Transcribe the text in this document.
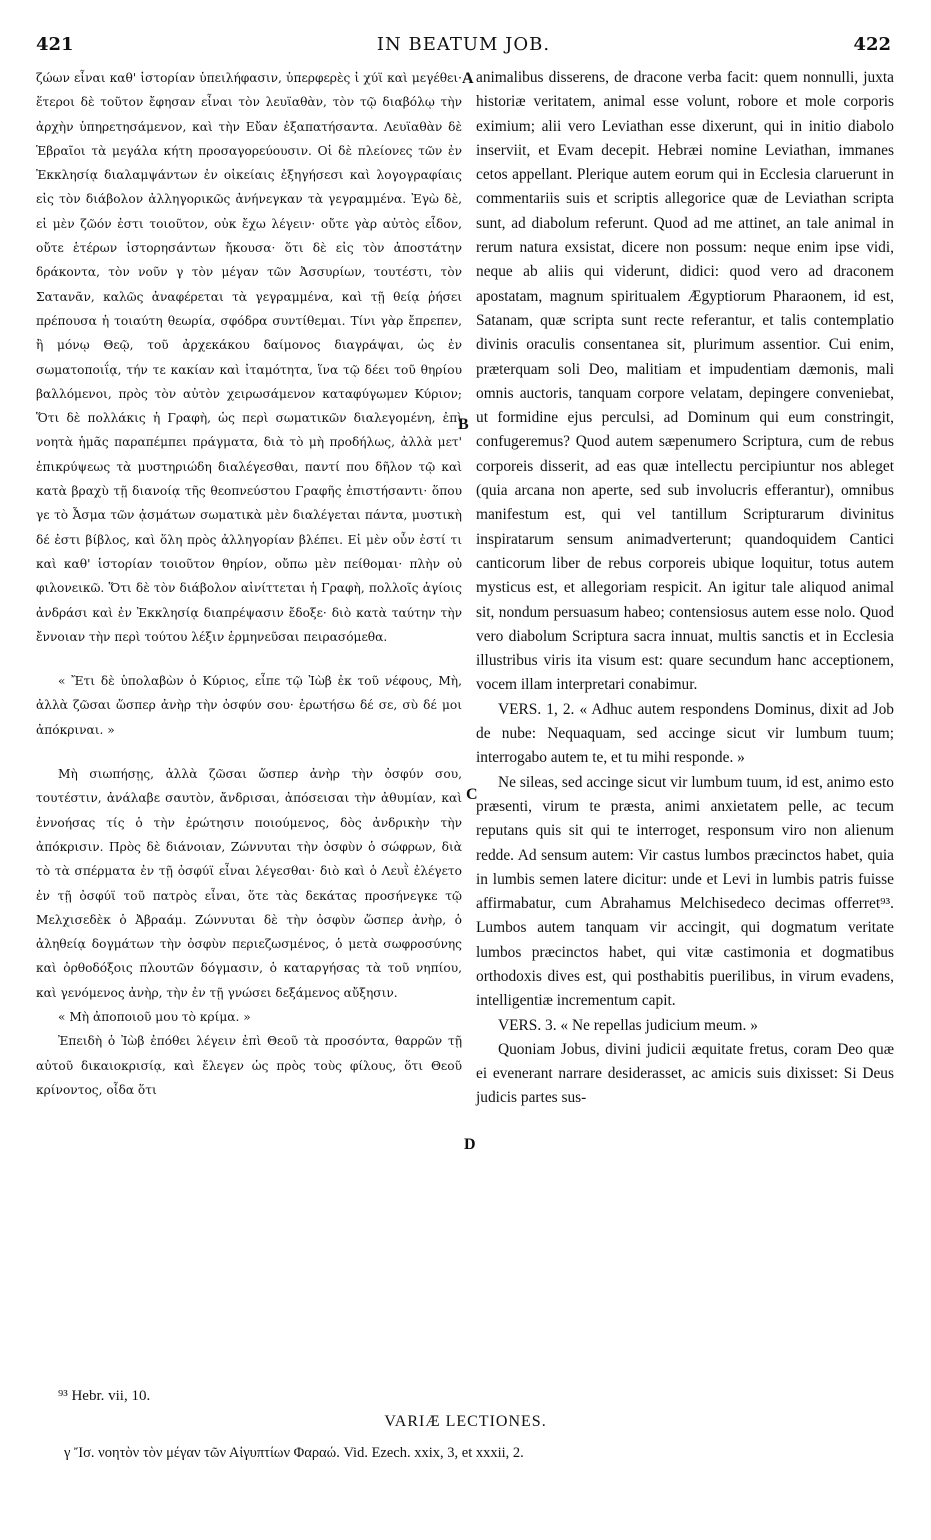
421	IN BEATUM JOB.	422

ζώων εἶναι καθ' ἱστορίαν ὑπειλήφασιν, ὑπερφερὲς ἰ χύϊ καὶ μεγέθει· ἕτεροι δὲ τοῦτον ἔφησαν εἶναι τὸν λευϊαθὰν, τὸν τῷ διαβόλῳ τὴν ἀρχὴν ὑπηρετησάμενον, καὶ τὴν Εὔαν ἐξαπατήσαντα. Λευϊαθὰν δὲ Ἑβραῖοι τὰ μεγάλα κήτη προσαγορεύουσιν. Οἱ δὲ πλείονες τῶν ἐν Ἐκκλησίᾳ διαλαμψάντων ἐν οἰκείαις ἐξηγήσεσι καὶ λογογραφίαις εἰς τὸν διάβολον ἀλληγορικῶς ἀνήνεγκαν τὰ γεγραμμένα. Ἐγὼ δὲ, εἰ μὲν ζῶόν ἐστι τοιοῦτον, οὐκ ἔχω λέγειν· οὔτε γὰρ αὐτὸς εἶδον, οὔτε ἑτέρων ἱστορησάντων ἤκουσα· ὅτι δὲ εἰς τὸν ἀποστάτην δράκοντα, τὸν νοῦν γ τὸν μέγαν τῶν Ἀσσυρίων, τουτέστι, τὸν Σατανᾶν, καλῶς ἀναφέρεται τὰ γεγραμμένα, καὶ τῇ θείᾳ ῥήσει πρέπουσα ἡ τοιαύτη θεωρία, σφόδρα συντίθεμαι. Τίνι γὰρ ἔπρεπεν, ἢ μόνῳ Θεῷ, τοῦ ἀρχεκάκου δαίμονος διαγράψαι, ὡς ἐν σωματοποιΐᾳ, τήν τε κακίαν καὶ ἰταμότητα, ἵνα τῷ δέει τοῦ θηρίου βαλλόμενοι, πρὸς τὸν αὐτὸν χειρωσάμενον καταφύγωμεν Κύριον; Ὅτι δὲ πολλάκις ἡ Γραφὴ, ὡς περὶ σωματικῶν διαλεγομένη, ἐπὶ νοητὰ ἡμᾶς παραπέμπει πράγματα, διὰ τὸ μὴ προδήλως, ἀλλὰ μετ' ἐπικρύψεως τὰ μυστηριώδη διαλέγεσθαι, παντί που δῆλον τῷ καὶ κατὰ βραχὺ τῇ διανοίᾳ τῆς θεοπνεύστου Γραφῆς ἐπιστήσαντι· ὅπου γε τὸ Ἆσμα τῶν ᾀσμάτων σωματικὰ μὲν διαλέγεται πάντα, μυστικὴ δέ ἐστι βίβλος, καὶ ὅλη πρὸς ἀλληγορίαν βλέπει. Εἰ μὲν οὖν ἐστί τι καὶ καθ' ἱστορίαν τοιοῦτον θηρίον, οὔπω μὲν πείθομαι· πλὴν οὐ φιλονεικῶ. Ὅτι δὲ τὸν διάβολον αἰνίττεται ἡ Γραφὴ, πολλοῖς ἁγίοις ἀνδράσι καὶ ἐν Ἐκκλησίᾳ διαπρέψασιν ἔδοξε· διὸ κατὰ ταύτην τὴν ἔννοιαν τὴν περὶ τούτου λέξιν ἑρμηνεῦσαι πειρασόμεθα.

« Ἔτι δὲ ὑπολαβὼν ὁ Κύριος, εἶπε τῷ Ἰὼβ ἐκ τοῦ νέφους, Μὴ, ἀλλὰ ζῶσαι ὥσπερ ἀνὴρ τὴν ὀσφύν σου· ἐρωτήσω δέ σε, σὺ δέ μοι ἀπόκριναι. »

Μὴ σιωπήσῃς, ἀλλὰ ζῶσαι ὥσπερ ἀνὴρ τὴν ὀσφύν σου, τουτέστιν, ἀνάλαβε σαυτὸν, ἄνδρισαι, ἀπόσεισαι τὴν ἀθυμίαν, καὶ ἐννοήσας τίς ὁ τὴν ἐρώτησιν ποιούμενος, δὸς ἀνδρικὴν τὴν ἀπόκρισιν. Πρὸς δὲ διάνοιαν, Ζώννυται τὴν ὀσφὺν ὁ σώφρων, διὰ τὸ τὰ σπέρματα ἐν τῇ ὀσφύϊ εἶναι λέγεσθαι· διὸ καὶ ὁ Λευῒ ἐλέγετο ἐν τῇ ὀσφύϊ τοῦ πατρὸς εἶναι, ὅτε τὰς δεκάτας προσήνεγκε τῷ Μελχισεδὲκ ὁ Ἀβραάμ. Ζώννυται δὲ τὴν ὀσφὺν ὥσπερ ἀνὴρ, ὁ ἀληθείᾳ δογμάτων τὴν ὀσφὺν περιεζωσμένος, ὁ μετὰ σωφροσύνης καὶ ὀρθοδόξοις πλουτῶν δόγμασιν, ὁ καταργήσας τὰ τοῦ νηπίου, καὶ γενόμενος ἀνὴρ, τὴν ἐν τῇ γνώσει δεξάμενος αὔξησιν.

« Μὴ ἀποποιοῦ μου τὸ κρίμα. »

Ἐπειδὴ ὁ Ἰὼβ ἐπόθει λέγειν ἐπὶ Θεοῦ τὰ προσόντα, θαρρῶν τῇ αὐτοῦ δικαιοκρισίᾳ, καὶ ἔλεγεν ὡς πρὸς τοὺς φίλους, ὅτι Θεοῦ κρίνοντος, οἶδα ὅτι

A
B
C
D

animalibus disserens, de dracone verba facit: quem nonnulli, juxta historiæ veritatem, animal esse volunt, robore et mole corporis eximium; alii vero Leviathan esse dixerunt, qui in initio diabolo inserviit, et Evam decepit. Hebræi nomine Leviathan, immanes cetos appellant. Plerique autem eorum qui in Ecclesia claruerunt in commentariis suis et scriptis allegorice quæ de Leviathan scripta sunt, ad diabolum referunt. Quod ad me attinet, an tale animal in rerum natura exsistat, dicere non possum: neque enim ipse vidi, neque ab aliis qui viderunt, didici: quod vero ad draconem apostatam, magnum spiritualem Ægyptiorum Pharaonem, id est, Satanam, quæ scripta sunt recte referantur, et talis contemplatio divinis oraculis consentanea sit, plurimum assentior. Cui enim, præterquam soli Deo, malitiam et impudentiam dæmonis, mali omnis auctoris, tanquam corpore velatam, depingere conveniebat, ut formidine ejus perculsi, ad Dominum qui eum constringit, confugeremus? Quod autem sæpenumero Scriptura, cum de rebus corporeis disserit, ad eas quæ intellectu percipiuntur nos ableget (quia arcana non aperte, sed sub involucris efferantur), omnibus manifestum est, qui vel tantillum Scripturarum divinitus inspiratarum sensum animadverterunt; quandoquidem Cantici canticorum liber de rebus corporeis ubique loquitur, totus autem mysticus est, et allegoriam respicit. An igitur tale aliquod animal sit, nondum persuasum habeo; contensiosus autem esse nolo. Quod vero diabolum Scriptura sacra innuat, multis sanctis et in Ecclesia illustribus viris ita visum est: quare secundum hanc acceptionem, vocem illam interpretari conabimur.

VERS. 1, 2. « Adhuc autem respondens Dominus, dixit ad Job de nube: Nequaquam, sed accinge sicut vir lumbum tuum; interrogabo autem te, et tu mihi responde. »

Ne sileas, sed accinge sicut vir lumbum tuum, id est, animo esto præsenti, virum te præsta, animi anxietatem pelle, ac tecum reputans quis sit qui te interroget, responsum viro non alienum redde. Ad sensum autem: Vir castus lumbos præcinctos habet, quia in lumbis semen latere dicitur: unde et Levi in lumbis patris fuisse affirmabatur, cum Abrahamus Melchisedeco decimas offerret⁹³. Lumbos autem tanquam vir accingit, qui dogmatum veritate lumbos præcinctos habet, qui vitæ castimonia et dogmatibus orthodoxis dives est, qui posthabitis puerilibus, in virum evadens, intelligentiæ incrementum capit.

VERS. 3. « Ne repellas judicium meum. »

Quoniam Jobus, divini judicii æquitate fretus, coram Deo quæ ei evenerant narrare desiderasset, ac amicis suis dixisset: Si Deus judicis partes sus-

⁹³ Hebr. vii, 10.
VARIÆ LECTIONES.
γ Ἴσ. νοητὸν τὸν μέγαν τῶν Αἰγυπτίων Φαραώ. Vid. Ezech. xxix, 3, et xxxii, 2.
